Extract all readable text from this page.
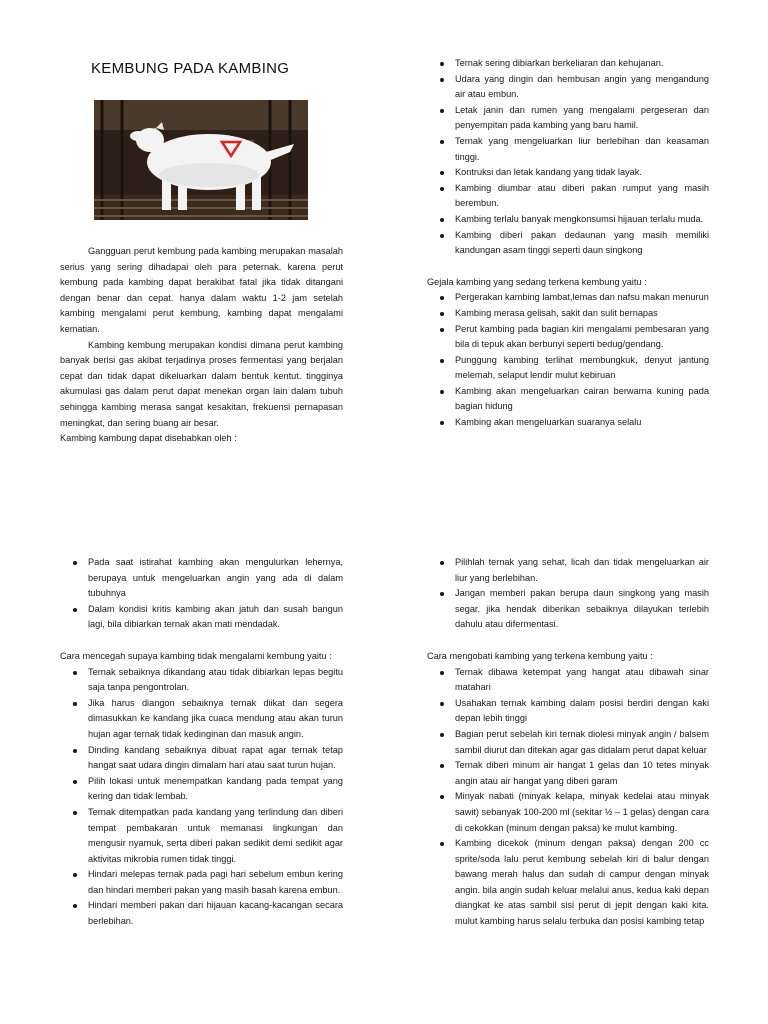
KEMBUNG PADA KAMBING

Gangguan perut kembung pada kambing merupakan masalah serius yang sering dihadapai oleh para peternak. karena perut kembung pada kambing dapat berakibat fatal jika tidak ditangani dengan benar dan cepat. hanya dalam waktu 1-2 jam setelah kambing mengalami perut kembung, kambing dapat mengalami kematian.

Kambing kembung merupakan kondisi dimana perut kambing banyak berisi gas akibat terjadinya proses fermentasi yang berjalan cepat dan tidak dapat dikeluarkan dalam bentuk kentut. tingginya akumulasi gas dalam perut dapat menekan organ lain dalam tubuh sehingga kambing merasa sangat kesakitan, frekuensi pernapasan meningkat, dan sering buang air besar.

Kambing kambung dapat disebabkan oleh :

Ternak sering dibiarkan berkeliaran dan kehujanan.
Udara yang dingin dan hembusan angin yang mengandung air atau embun.
Letak janin dan rumen yang mengalami pergeseran dan penyempitan pada kambing yang baru hamil.
Ternak yang mengeluarkan liur berlebihan dan keasaman tinggi.
Kontruksi dan letak kandang yang tidak layak.
Kambing diumbar atau diberi pakan rumput yang masih berembun.
Kambing terlalu banyak mengkonsumsi hijauan terlalu muda.
Kambing diberi pakan dedaunan yang masih memiliki kandungan asam tinggi seperti daun singkong

Gejala kambing yang sedang terkena kembung yaitu :

Pergerakan kambing lambat,lemas dan nafsu makan menurun
Kambing merasa gelisah, sakit dan sulit bernapas
Perut kambing pada bagian kiri mengalami pembesaran yang bila di tepuk akan berbunyi seperti bedug/gendang.
Punggung kambing terlihat membungkuk, denyut jantung melemah, selaput lendir mulut kebiruan
Kambing akan mengeluarkan cairan berwarna kuning pada bagian hidung
Kambing akan mengeluarkan suaranya selalu
Pada saat istirahat kambing akan mengulurkan lehernya, berupaya untuk mengeluarkan angin yang ada di dalam tubuhnya
Dalam kondisi kritis kambing akan jatuh dan susah bangun lagi, bila dibiarkan ternak akan mati mendadak.

Cara mencegah supaya kambing tidak mengalami kembung yaitu :

Ternak sebaiknya dikandang atau tidak dibiarkan lepas begitu saja tanpa pengontrolan.
Jika harus diangon sebaiknya ternak diikat dan segera dimasukkan ke kandang jika cuaca mendung atau akan turun hujan agar ternak tidak kedinginan dan masuk angin.
Dinding kandang sebaiknya dibuat rapat agar ternak tetap hangat saat udara dingin dimalam hari atau saat turun hujan.
Pilih lokasi untuk menempatkan kandang pada tempat yang kering dan tidak lembab.
Ternak ditempatkan pada kandang yang terlindung dan diberi tempat pembakaran untuk memanasi lingkungan dan mengusir nyamuk, serta diberi pakan sedikit demi sedikit agar aktivitas mikrobia rumen tidak tinggi.
Hindari melepas ternak pada pagi hari sebelum embun kering dan hindari memberi pakan yang masih basah karena embun.
Hindari memberi pakan dari hijauan kacang-kacangan secara berlebihan.
Pilihlah ternak yang sehat, licah dan tidak mengeluarkan air liur yang berlebihan.
Jangan memberi pakan berupa daun singkong yang masih segar. jika hendak diberikan sebaiknya dilayukan terlebih dahulu atau difermentasi.

Cara mengobati kambing yang terkena kembung yaitu :

Ternak dibawa ketempat yang hangat atau dibawah sinar matahari
Usahakan ternak kambing dalam posisi berdiri dengan kaki depan lebih tinggi
Bagian perut sebelah kiri ternak diolesi minyak angin / balsem sambil diurut dan ditekan agar gas didalam perut dapat keluar
Ternak diberi minum air hangat 1 gelas dan 10 tetes minyak angin atau air hangat yang diberi garam
Minyak nabati (minyak kelapa, minyak kedelai atau minyak sawit) sebanyak 100-200 ml (sekitar ½ – 1 gelas) dengan cara di cekokkan (minum dengan paksa) ke mulut kambing.
Kambing dicekok (minum dengan paksa) dengan 200 cc sprite/soda lalu perut kembung sebelah kiri di balur dengan bawang merah halus dan sudah di campur dengan minyak angin. bila angin sudah keluar melalui anus, kedua kaki depan diangkat ke atas sambil sisi perut di jepit dengan kaki kita. mulut kambing harus selalu terbuka dan posisi kambing tetap
